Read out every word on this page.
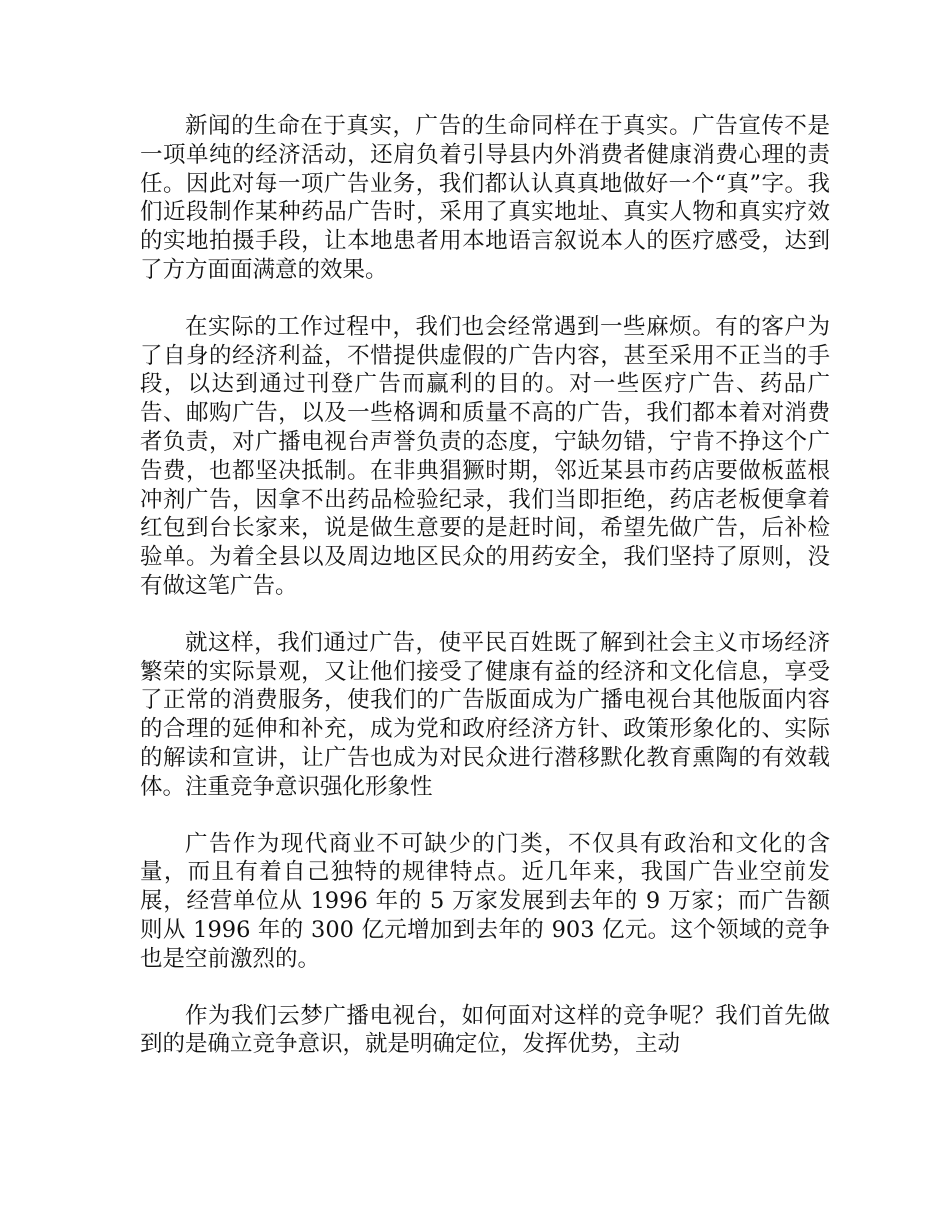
新闻的生命在于真实，广告的生命同样在于真实。广告宣传不是一项单纯的经济活动，还肩负着引导县内外消费者健康消费心理的责任。因此对每一项广告业务，我们都认认真真地做好一个“真”字。我们近段制作某种药品广告时，采用了真实地址、真实人物和真实疗效的实地拍摄手段，让本地患者用本地语言叙说本人的医疗感受，达到了方方面面满意的效果。

在实际的工作过程中，我们也会经常遇到一些麻烦。有的客户为了自身的经济利益，不惜提供虚假的广告内容，甚至采用不正当的手段，以达到通过刊登广告而赢利的目的。对一些医疗广告、药品广告、邮购广告，以及一些格调和质量不高的广告，我们都本着对消费者负责，对广播电视台声誉负责的态度，宁缺勿错，宁肯不挣这个广告费，也都坚决抵制。在非典猖獗时期，邻近某县市药店要做板蓝根冲剂广告，因拿不出药品检验纪录，我们当即拒绝，药店老板便拿着红包到台长家来，说是做生意要的是赶时间，希望先做广告，后补检验单。为着全县以及周边地区民众的用药安全，我们坚持了原则，没有做这笔广告。

就这样，我们通过广告，使平民百姓既了解到社会主义市场经济繁荣的实际景观，又让他们接受了健康有益的经济和文化信息，享受了正常的消费服务，使我们的广告版面成为广播电视台其他版面内容的合理的延伸和补充，成为党和政府经济方针、政策形象化的、实际的解读和宣讲，让广告也成为对民众进行潜移默化教育熏陶的有效载体。注重竞争意识强化形象性

广告作为现代商业不可缺少的门类，不仅具有政治和文化的含量，而且有着自己独特的规律特点。近几年来，我国广告业空前发展，经营单位从 1996 年的 5 万家发展到去年的 9 万家；而广告额则从 1996 年的 300 亿元增加到去年的 903 亿元。这个领域的竞争也是空前激烈的。

作为我们云梦广播电视台，如何面对这样的竞争呢？我们首先做到的是确立竞争意识，就是明确定位，发挥优势，主动
